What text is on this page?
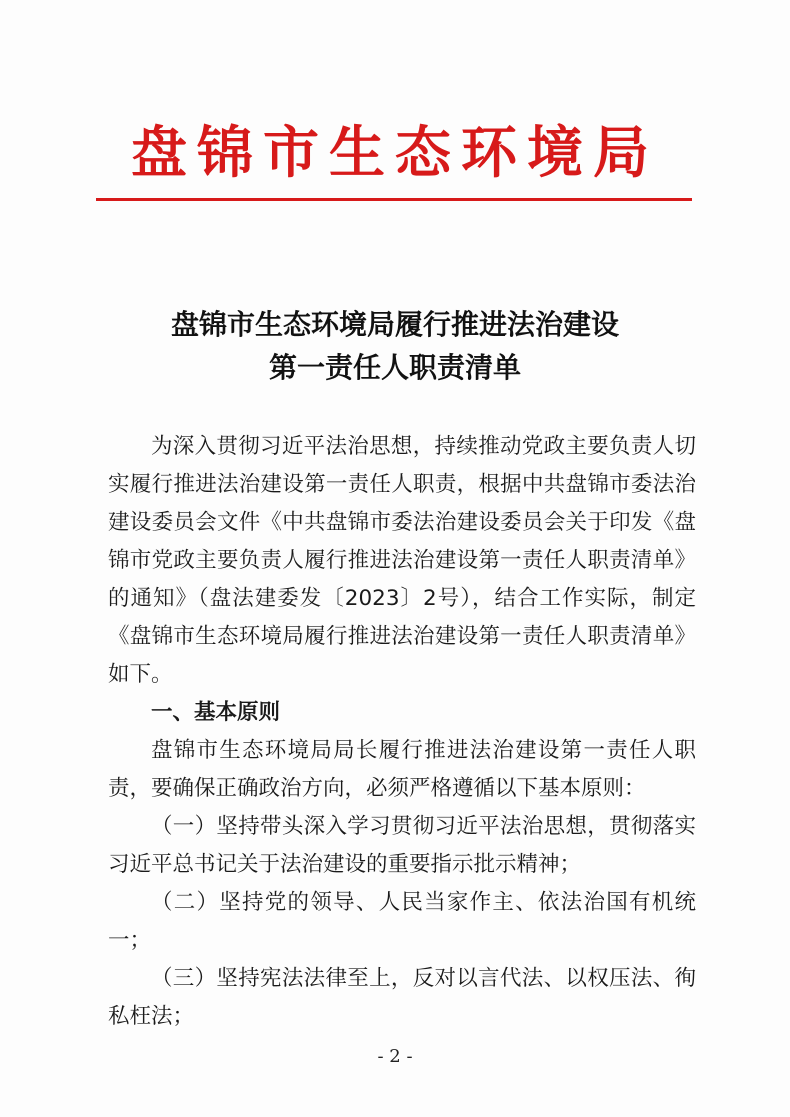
盘锦市生态环境局
盘锦市生态环境局履行推进法治建设
第一责任人职责清单

为深入贯彻习近平法治思想，持续推动党政主要负责人切实履行推进法治建设第一责任人职责，根据中共盘锦市委法治建设委员会文件《中共盘锦市委法治建设委员会关于印发《盘锦市党政主要负责人履行推进法治建设第一责任人职责清单》的通知》（盘法建委发〔2023〕2号），结合工作实际，制定《盘锦市生态环境局履行推进法治建设第一责任人职责清单》如下。

一、基本原则

盘锦市生态环境局局长履行推进法治建设第一责任人职责，要确保正确政治方向，必须严格遵循以下基本原则：

（一）坚持带头深入学习贯彻习近平法治思想，贯彻落实习近平总书记关于法治建设的重要指示批示精神；

（二）坚持党的领导、人民当家作主、依法治国有机统一；

（三）坚持宪法法律至上，反对以言代法、以权压法、徇私枉法；

- 2 -
